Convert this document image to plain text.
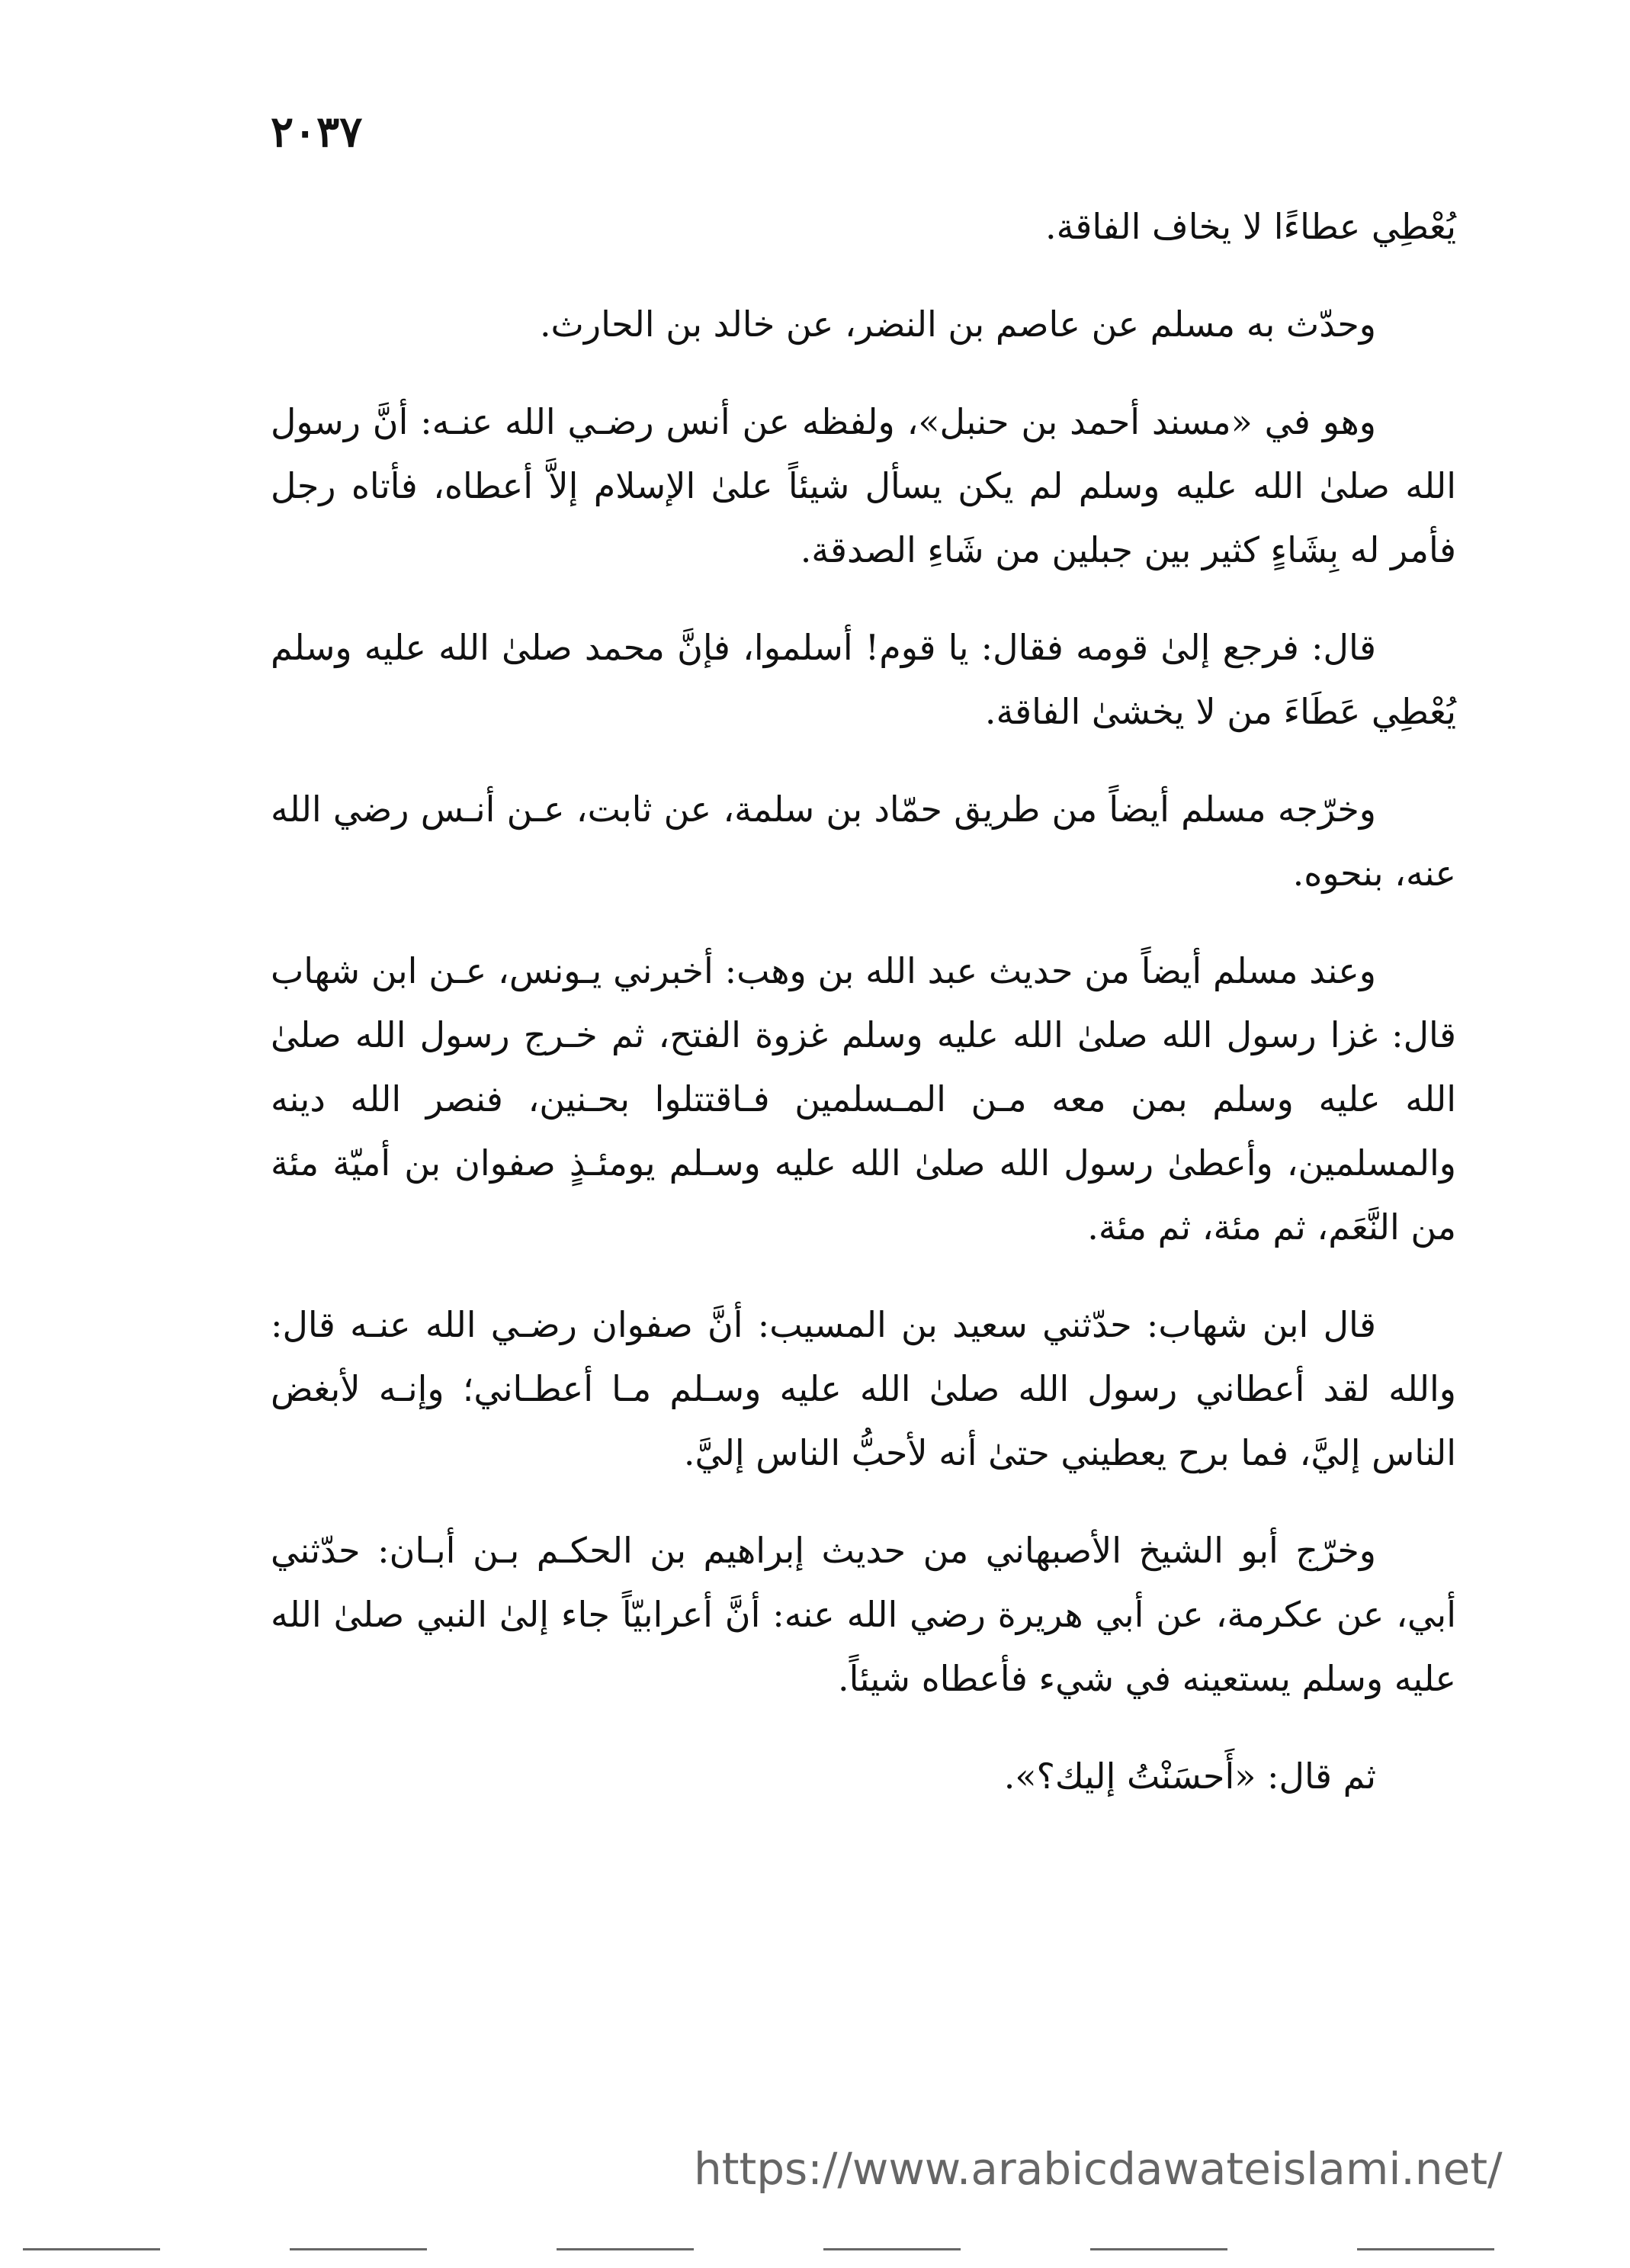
٢٠٣٧

يُعْطِي عطاءًا لا يخاف الفاقة.

وحدّث به مسلم عن عاصم بن النضر، عن خالد بن الحارث.

وهو في «مسند أحمد بن حنبل»، ولفظه عن أنس رضـي الله عنـه: أنَّ رسول الله صلىٰ الله عليه وسلم لم يكن يسأل شيئاً علىٰ الإسلام إلاَّ أعطاه، فأتاه رجل فأمر له بِشَاءٍ كثير بين جبلين من شَاءِ الصدقة.

قال: فرجع إلىٰ قومه فقال: يا قوم! أسلموا، فإنَّ محمد صلىٰ الله عليه وسلم يُعْطِي عَطَاءَ من لا يخشىٰ الفاقة.

وخرّجه مسلم أيضاً من طريق حمّاد بن سلمة، عن ثابت، عـن أنـس رضي الله عنه، بنحوه.

وعند مسلم أيضاً من حديث عبد الله بن وهب: أخبرني يـونس، عـن ابن شهاب قال: غزا رسول الله صلىٰ الله عليه وسلم غزوة الفتح، ثم خـرج رسول الله صلىٰ الله عليه وسلم بمن معه مـن المـسلمين فـاقتتلوا بحـنين، فنصر الله دينه والمسلمين، وأعطىٰ رسول الله صلىٰ الله عليه وسـلم يومئـذٍ صفوان بن أميّة مئة من النَّعَم، ثم مئة، ثم مئة.

قال ابن شهاب: حدّثني سعيد بن المسيب: أنَّ صفوان رضـي الله عنـه قال: والله لقد أعطاني رسول الله صلىٰ الله عليه وسـلم مـا أعطـاني؛ وإنـه لأبغض الناس إليَّ، فما برح يعطيني حتىٰ أنه لأحبُّ الناس إليَّ.

وخرّج أبو الشيخ الأصبهاني من حديث إبراهيم بن الحكـم بـن أبـان: حدّثني أبي، عن عكرمة، عن أبي هريرة رضي الله عنه: أنَّ أعرابيّاً جاء إلىٰ النبي صلىٰ الله عليه وسلم يستعينه في شيء فأعطاه شيئاً.

ثم قال: «أَحسَنْتُ إليك؟».

https://www.arabicdawateislami.net/
